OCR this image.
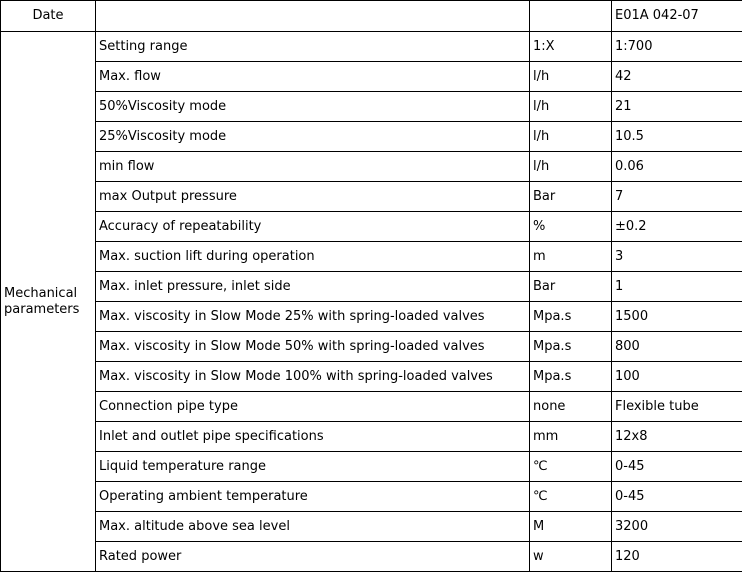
Date			E01A 042-07

Mechanical
parameters	Setting range	1:X	1:700
	Max. flow	l/h	42
	50%Viscosity mode	l/h	21
	25%Viscosity mode	l/h	10.5
	min flow	l/h	0.06
	max Output pressure	Bar	7
	Accuracy of repeatability	%	±0.2
	Max. suction lift during operation	m	3
	Max. inlet pressure, inlet side	Bar	1
	Max. viscosity in Slow Mode 25% with spring-loaded valves	Mpa.s	1500
	Max. viscosity in Slow Mode 50% with spring-loaded valves	Mpa.s	800
	Max. viscosity in Slow Mode 100% with spring-loaded valves	Mpa.s	100
	Connection pipe type	none	Flexible tube
	Inlet and outlet pipe specifications	mm	12x8
	Liquid temperature range	℃	0-45
	Operating ambient temperature	℃	0-45
	Max. altitude above sea level	M	3200
	Rated power	w	120
